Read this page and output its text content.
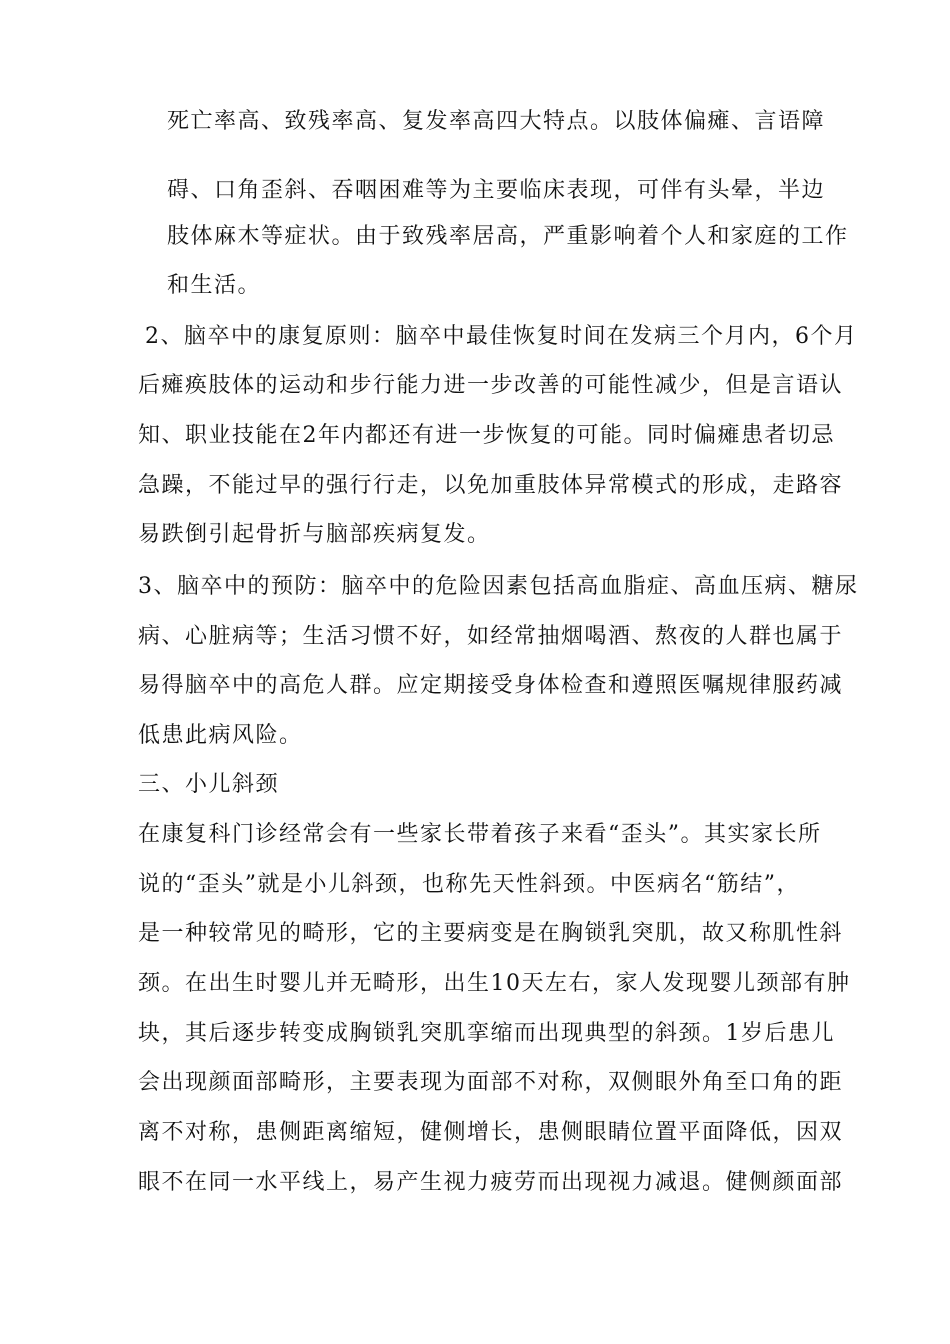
死亡率高、致残率高、复发率高四大特点。以肢体偏瘫、言语障
碍、口角歪斜、吞咽困难等为主要临床表现，可伴有头晕，半边
肢体麻木等症状。由于致残率居高，严重影响着个人和家庭的工作
和生活。
2、脑卒中的康复原则：脑卒中最佳恢复时间在发病三个月内，6个月
后瘫痪肢体的运动和步行能力进一步改善的可能性减少，但是言语认
知、职业技能在2年内都还有进一步恢复的可能。同时偏瘫患者切忌
急躁，不能过早的强行行走，以免加重肢体异常模式的形成，走路容
易跌倒引起骨折与脑部疾病复发。
3、脑卒中的预防：脑卒中的危险因素包括高血脂症、高血压病、糖尿
病、心脏病等；生活习惯不好，如经常抽烟喝酒、熬夜的人群也属于
易得脑卒中的高危人群。应定期接受身体检查和遵照医嘱规律服药减
低患此病风险。
三、小儿斜颈
在康复科门诊经常会有一些家长带着孩子来看“歪头”。其实家长所
说的“歪头”就是小儿斜颈，也称先天性斜颈。中医病名“筋结”，
是一种较常见的畸形，它的主要病变是在胸锁乳突肌，故又称肌性斜
颈。在出生时婴儿并无畸形，出生10天左右，家人发现婴儿颈部有肿
块，其后逐步转变成胸锁乳突肌挛缩而出现典型的斜颈。1岁后患儿
会出现颜面部畸形，主要表现为面部不对称，双侧眼外角至口角的距
离不对称，患侧距离缩短，健侧增长，患侧眼睛位置平面降低，因双
眼不在同一水平线上，易产生视力疲劳而出现视力减退。健侧颜面部
